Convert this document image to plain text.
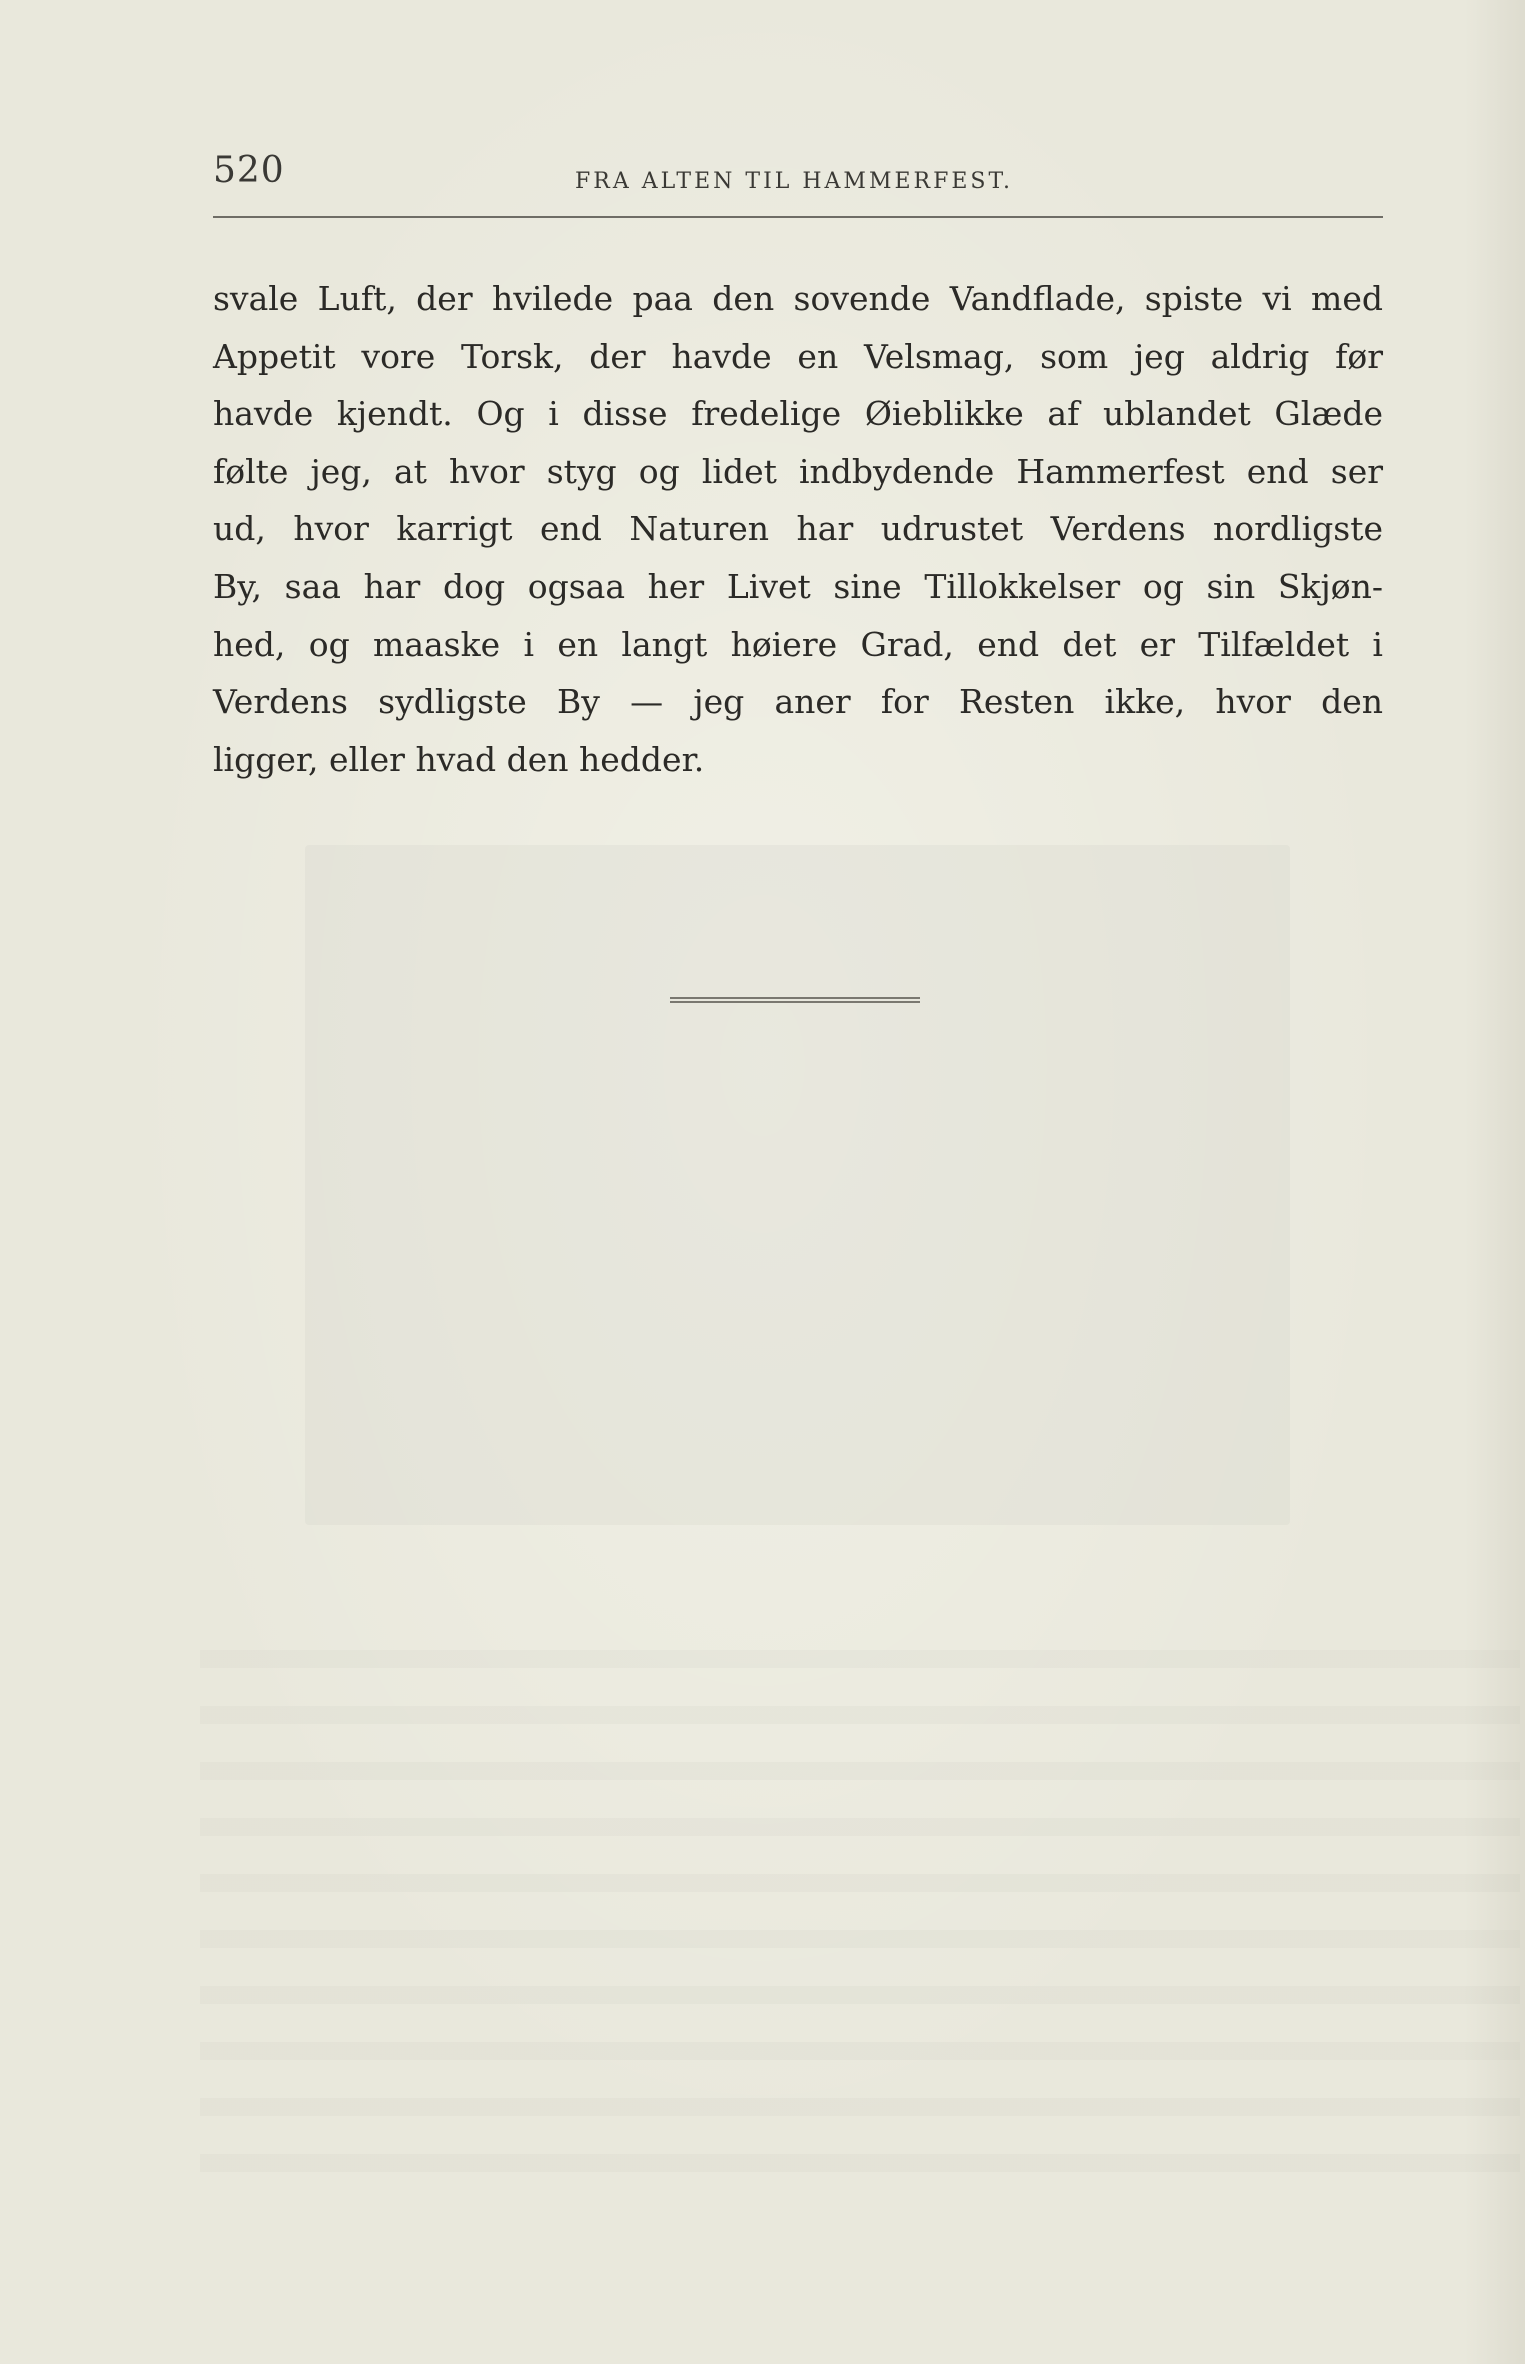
520	FRA ALTEN TIL HAMMERFEST.
svale Luft, der hvilede paa den sovende Vandflade, spiste vi med
Appetit vore Torsk, der havde en Velsmag, som jeg aldrig før
havde kjendt. Og i disse fredelige Øieblikke af ublandet Glæde
følte jeg, at hvor styg og lidet indbydende Hammerfest end ser
ud, hvor karrigt end Naturen har udrustet Verdens nordligste
By, saa har dog ogsaa her Livet sine Tillokkelser og sin Skjøn-
hed, og maaske i en langt høiere Grad, end det er Tilfældet i
Verdens sydligste By — jeg aner for Resten ikke, hvor den
ligger, eller hvad den hedder.
